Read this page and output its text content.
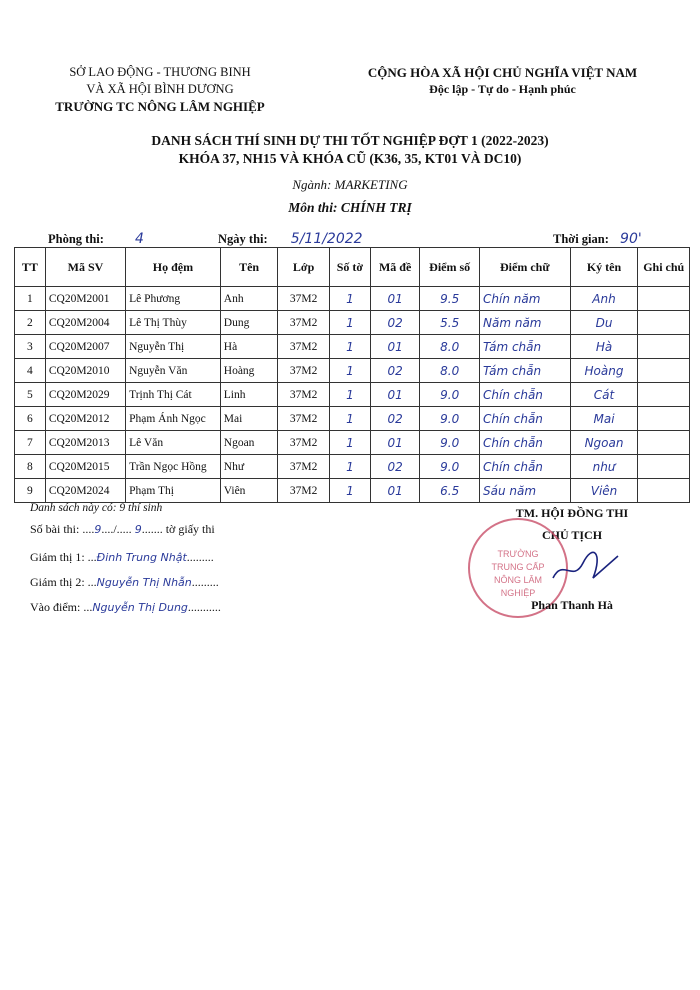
SỞ LAO ĐỘNG - THƯƠNG BINH
VÀ XÃ HỘI BÌNH DƯƠNG
TRƯỜNG TC NÔNG LÂM NGHIỆP
CỘNG HÒA XÃ HỘI CHỦ NGHĨA VIỆT NAM
Độc lập - Tự do - Hạnh phúc
DANH SÁCH THÍ SINH DỰ THI TỐT NGHIỆP ĐỢT 1 (2022-2023)
KHÓA 37, NH15 VÀ KHÓA CŨ (K36, 35, KT01 VÀ DC10)
Ngành: MARKETING
Môn thi: CHÍNH TRỊ
Phòng thi: 4	Ngày thi: 5/11/2022	Thời gian: 90'
TT	Mã SV	Họ đệm	Tên	Lớp	Số tờ	Mã đề	Điểm số	Điểm chữ	Ký tên	Ghi chú
1	CQ20M2001	Lê Phương	Anh	37M2	1	01	9.5	Chín năm	Anh	
2	CQ20M2004	Lê Thị Thùy	Dung	37M2	1	02	5.5	Năm năm	Du	
3	CQ20M2007	Nguyễn Thị	Hà	37M2	1	01	8.0	Tám chẵn	Hà	
4	CQ20M2010	Nguyễn Văn	Hoàng	37M2	1	02	8.0	Tám chẵn	Hoàng	
5	CQ20M2029	Trịnh Thị Cát	Linh	37M2	1	01	9.0	Chín chẵn	Cát	
6	CQ20M2012	Phạm Ánh Ngọc	Mai	37M2	1	02	9.0	Chín chẵn	Mai	
7	CQ20M2013	Lê Văn	Ngoan	37M2	1	01	9.0	Chín chẵn	Ngoan	
8	CQ20M2015	Trần Ngọc Hồng	Như	37M2	1	02	9.0	Chín chẵn	như	
9	CQ20M2024	Phạm Thị	Viên	37M2	1	01	6.5	Sáu năm	Viên	
Danh sách này có: 9 thí sinh
Số bài thi: ....9..../..... 9....... tờ giấy thi
Giám thị 1: ...Đinh Trung Nhật.........
Giám thị 2: ...Nguyễn Thị Nhẫn.........
Vào điểm: ...Nguyễn Thị Dung...........
TM. HỘI ĐỒNG THI
CHỦ TỊCH
TRƯỜNG
TRUNG CẤP
NÔNG LÂM NGHIỆP
Phan Thanh Hà
